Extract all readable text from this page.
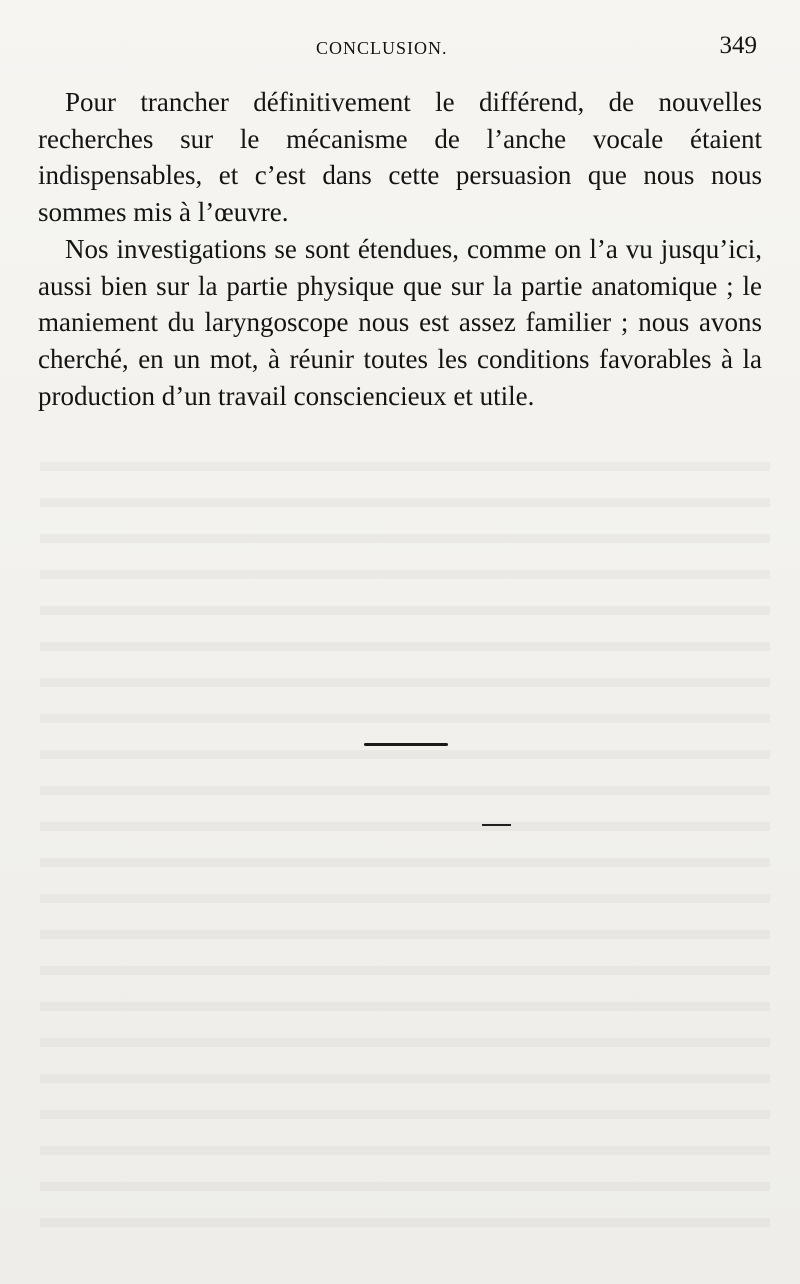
CONCLUSION.	349

Pour trancher définitivement le différend, de nouvelles recherches sur le mécanisme de l’anche vocale étaient indispensables, et c’est dans cette persuasion que nous nous sommes mis à l’œuvre.

Nos investigations se sont étendues, comme on l’a vu jusqu’ici, aussi bien sur la partie physique que sur la partie anatomique ; le maniement du laryngoscope nous est assez familier ; nous avons cherché, en un mot, à réunir toutes les conditions favorables à la production d’un travail consciencieux et utile.
